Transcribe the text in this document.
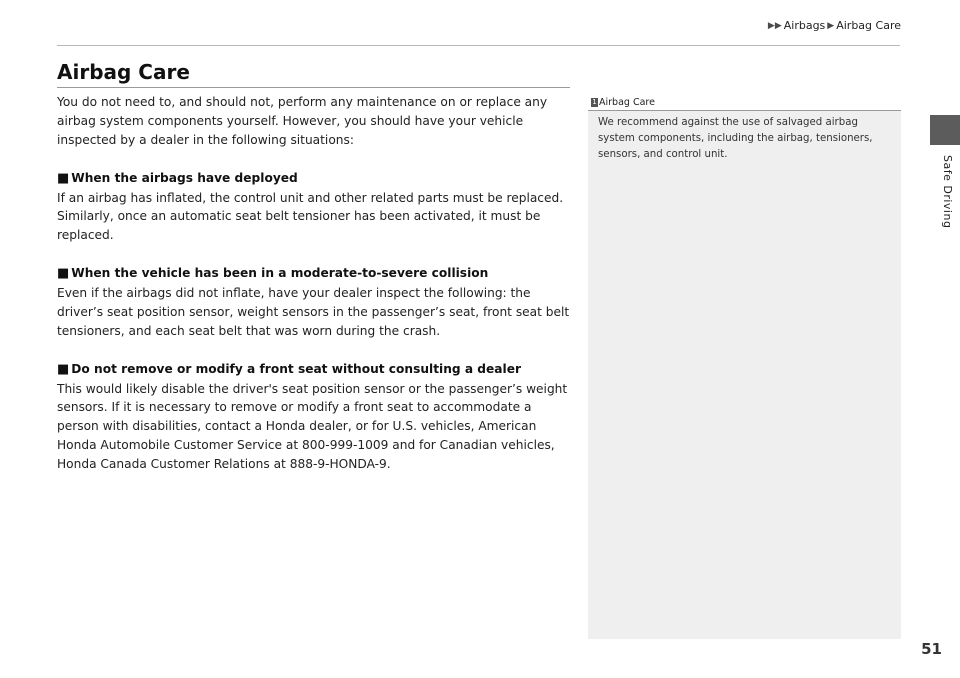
▶▶ Airbags ▶ Airbag Care
Safe Driving
Airbag Care

You do not need to, and should not, perform any maintenance on or replace any airbag system components yourself. However, you should have your vehicle inspected by a dealer in the following situations:

■ When the airbags have deployed
If an airbag has inflated, the control unit and other related parts must be replaced. Similarly, once an automatic seat belt tensioner has been activated, it must be replaced.
■ When the vehicle has been in a moderate-to-severe collision
Even if the airbags did not inflate, have your dealer inspect the following: the driver’s seat position sensor, weight sensors in the passenger’s seat, front seat belt tensioners, and each seat belt that was worn during the crash.
■ Do not remove or modify a front seat without consulting a dealer
This would likely disable the driver's seat position sensor or the passenger’s weight sensors. If it is necessary to remove or modify a front seat to accommodate a person with disabilities, contact a Honda dealer, or for U.S. vehicles, American Honda Automobile Customer Service at 800-999-1009 and for Canadian vehicles, Honda Canada Customer Relations at 888-9-HONDA-9.
1 Airbag Care
We recommend against the use of salvaged airbag system components, including the airbag, tensioners, sensors, and control unit.
51
